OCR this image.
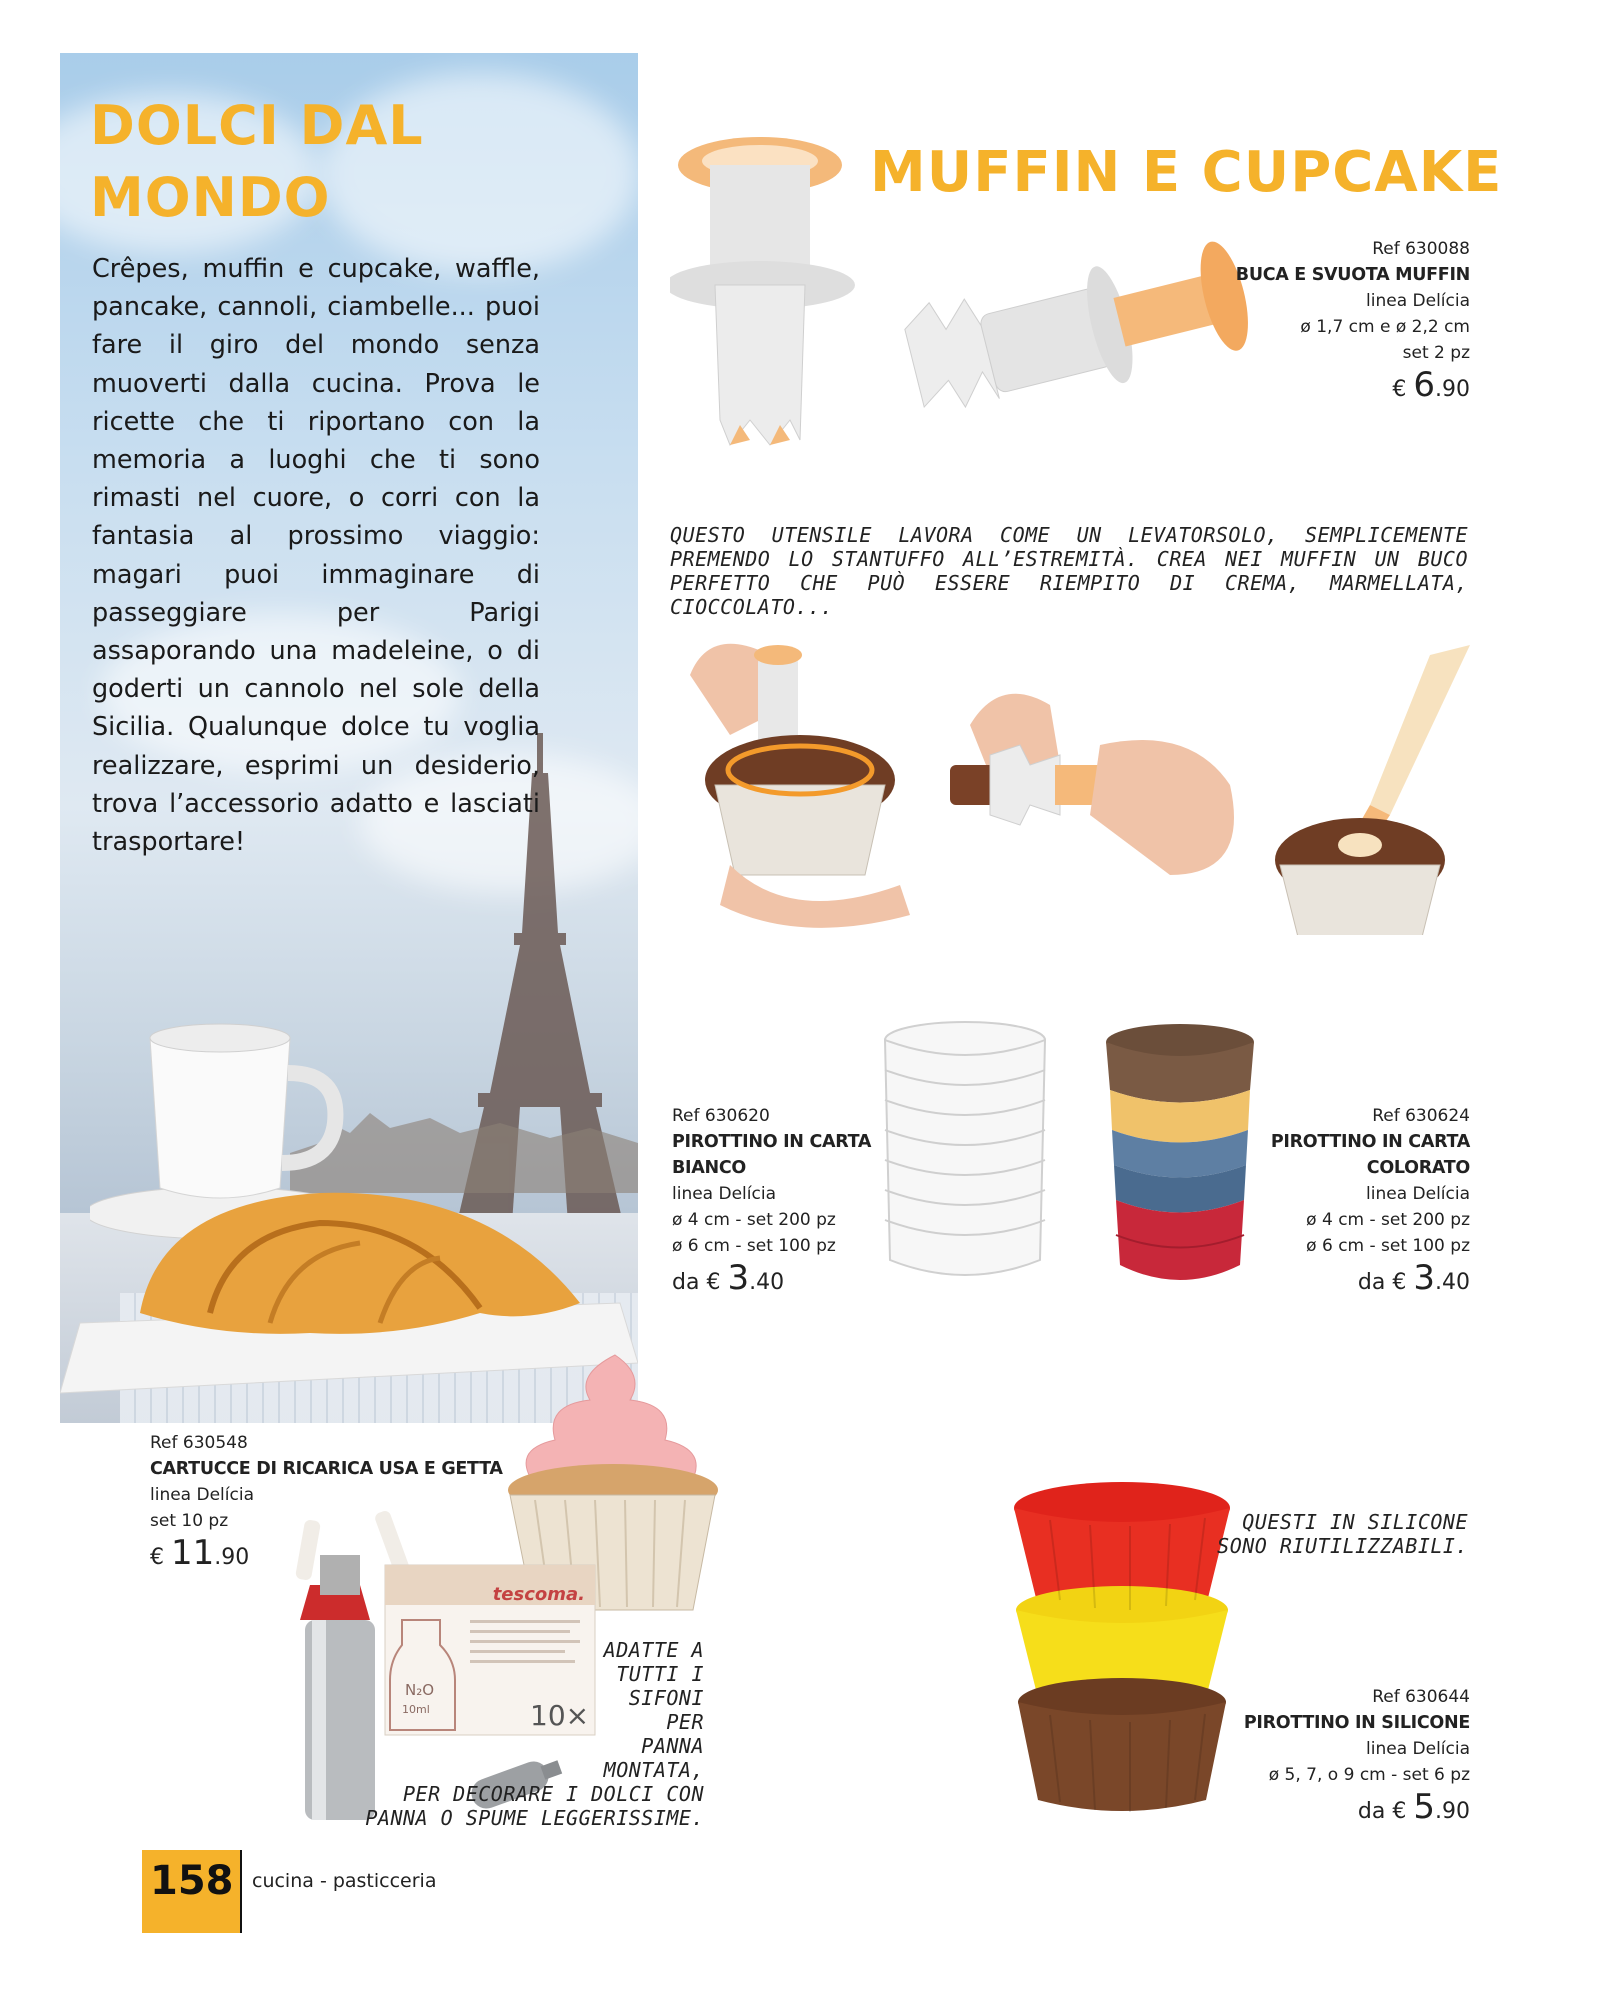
DOLCI DAL MONDO

Crêpes, muffin e cupcake, waffle, pancake, cannoli, ciambelle... puoi fare il giro del mondo senza muoverti dalla cucina. Prova le ricette che ti riportano con la memoria a luoghi che ti sono rimasti nel cuore, o corri con la fantasia al prossimo viaggio: magari puoi immaginare di passeggiare per Parigi assaporando una madeleine, o di goderti un cannolo nel sole della Sicilia. Qualunque dolce tu voglia realizzare, esprimi un desiderio, trova l’accessorio adatto e lasciati trasportare!

MUFFIN E CUPCAKE
Ref 630088
BUCA E SVUOTA MUFFIN
linea Delícia
ø 1,7 cm e ø 2,2 cm
set 2 pz
€ 6.90
QUESTO UTENSILE LAVORA COME UN LEVATORSOLO, SEMPLICEMENTE PREMENDO LO STANTUFFO ALL’ESTREMITÀ. CREA NEI MUFFIN UN BUCO PERFETTO CHE PUÒ ESSERE RIEMPITO DI CREMA, MARMELLATA, CIOCCOLATO...
Ref 630620
PIROTTINO IN CARTA
BIANCO
linea Delícia
ø 4 cm - set 200 pz
ø 6 cm - set 100 pz
da € 3.40
Ref 630624
PIROTTINO IN CARTA
COLORATO
linea Delícia
ø 4 cm - set 200 pz
ø 6 cm - set 100 pz
da € 3.40
Ref 630548
CARTUCCE DI RICARICA USA E GETTA
linea Delícia
set 10 pz
€ 11.90
tescoma.
N₂O
10ml	10×
ADATTE A TUTTI I SIFONI PER PANNA MONTATA,
PER DECORARE I DOLCI CON PANNA O SPUME LEGGERISSIME.
QUESTI IN SILICONE SONO RIUTILIZZABILI.
Ref 630644
PIROTTINO IN SILICONE
linea Delícia
ø 5, 7, o 9 cm - set 6 pz
da € 5.90
158 cucina - pasticceria
